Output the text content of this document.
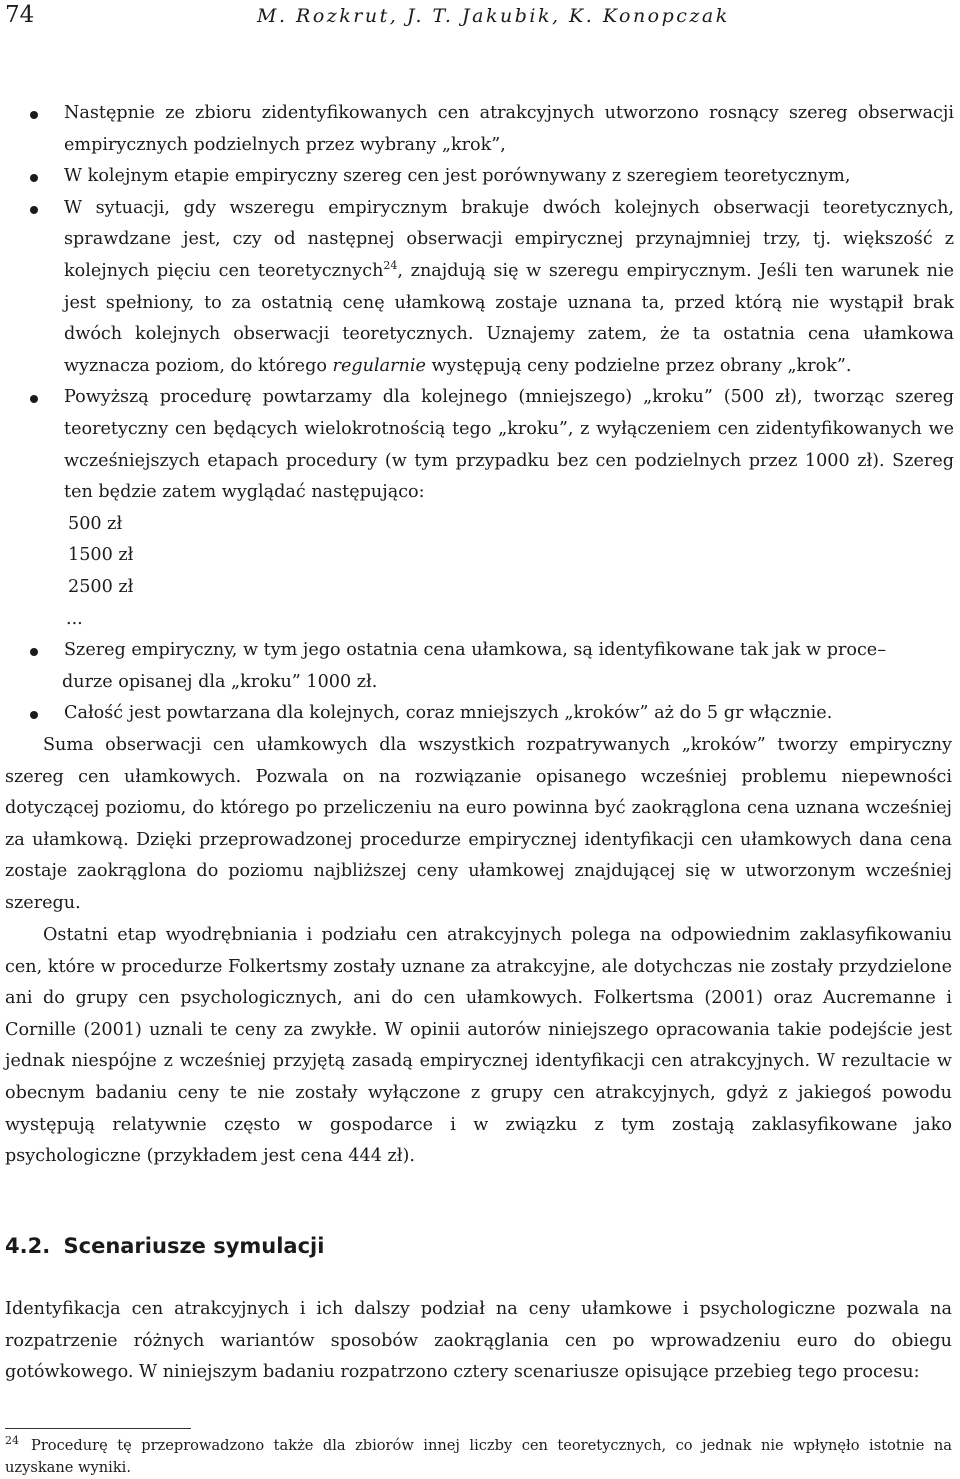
74	M. Rozkrut, J. T. Jakubik, K. Konopczak
Następnie ze zbioru zidentyfikowanych cen atrakcyjnych utworzono rosnący szereg obserwacji empirycznych podzielnych przez wybrany „krok”,
W kolejnym etapie empiryczny szereg cen jest porównywany z szeregiem teoretycznym,
W sytuacji, gdy wszeregu empirycznym brakuje dwóch kolejnych obserwacji teoretycznych, sprawdzane jest, czy od następnej obserwacji empirycznej przynajmniej trzy, tj. większość z kolejnych pięciu cen teoretycznych$^{24}$, znajdują się w szeregu empirycznym. Jeśli ten warunek nie jest spełniony, to za ostatnią cenę ułamkową zostaje uznana ta, przed którą nie wystąpił brak dwóch kolejnych obserwacji teoretycznych. Uznajemy zatem, że ta ostatnia cena ułamkowa wyznacza poziom, do którego regularnie występują ceny podzielne przez obrany „krok”.
Powyższą procedurę powtarzamy dla kolejnego (mniejszego) „kroku” (500 zł), tworząc szereg teoretyczny cen będących wielokrotnością tego „kroku”, z wyłączeniem cen zidentyfikowanych we wcześniejszych etapach procedury (w tym przypadku bez cen podzielnych przez 1000 zł). Szereg ten będzie zatem wyglądać następująco:
500 zł
1500 zł
2500 zł
...
Szereg empiryczny, w tym jego ostatnia cena ułamkowa, są identyfikowane tak jak w proce–
durze opisanej dla „kroku” 1000 zł.
Całość jest powtarzana dla kolejnych, coraz mniejszych „kroków” aż do 5 gr włącznie.

Suma obserwacji cen ułamkowych dla wszystkich rozpatrywanych „kroków” tworzy empiryczny szereg cen ułamkowych. Pozwala on na rozwiązanie opisanego wcześniej problemu niepewności dotyczącej poziomu, do którego po przeliczeniu na euro powinna być zaokrąglona cena uznana wcześniej za ułamkową. Dzięki przeprowadzonej procedurze empirycznej identyfikacji cen ułamkowych dana cena zostaje zaokrąglona do poziomu najbliższej ceny ułamkowej znajdującej się w utworzonym wcześniej szeregu.

Ostatni etap wyodrębniania i podziału cen atrakcyjnych polega na odpowiednim zaklasyfikowaniu cen, które w procedurze Folkertsmy zostały uznane za atrakcyjne, ale dotychczas nie zostały przydzielone ani do grupy cen psychologicznych, ani do cen ułamkowych. Folkertsma (2001) oraz Aucremanne i Cornille (2001) uznali te ceny za zwykłe. W opinii autorów niniejszego opracowania takie podejście jest jednak niespójne z wcześniej przyjętą zasadą empirycznej identyfikacji cen atrakcyjnych. W rezultacie w obecnym badaniu ceny te nie zostały wyłączone z grupy cen atrakcyjnych, gdyż z jakiegoś powodu występują relatywnie często w gospodarce i w związku z tym zostają zaklasyfikowane jako psychologiczne (przykładem jest cena 444 zł).

4.2. Scenariusze symulacji

Identyfikacja cen atrakcyjnych i ich dalszy podział na ceny ułamkowe i psychologiczne pozwala na rozpatrzenie różnych wariantów sposobów zaokrąglania cen po wprowadzeniu euro do obiegu gotówkowego. W niniejszym badaniu rozpatrzono cztery scenariusze opisujące przebieg tego procesu:

$^{24}$ Procedurę tę przeprowadzono także dla zbiorów innej liczby cen teoretycznych, co jednak nie wpłynęło istotnie na uzyskane wyniki.
